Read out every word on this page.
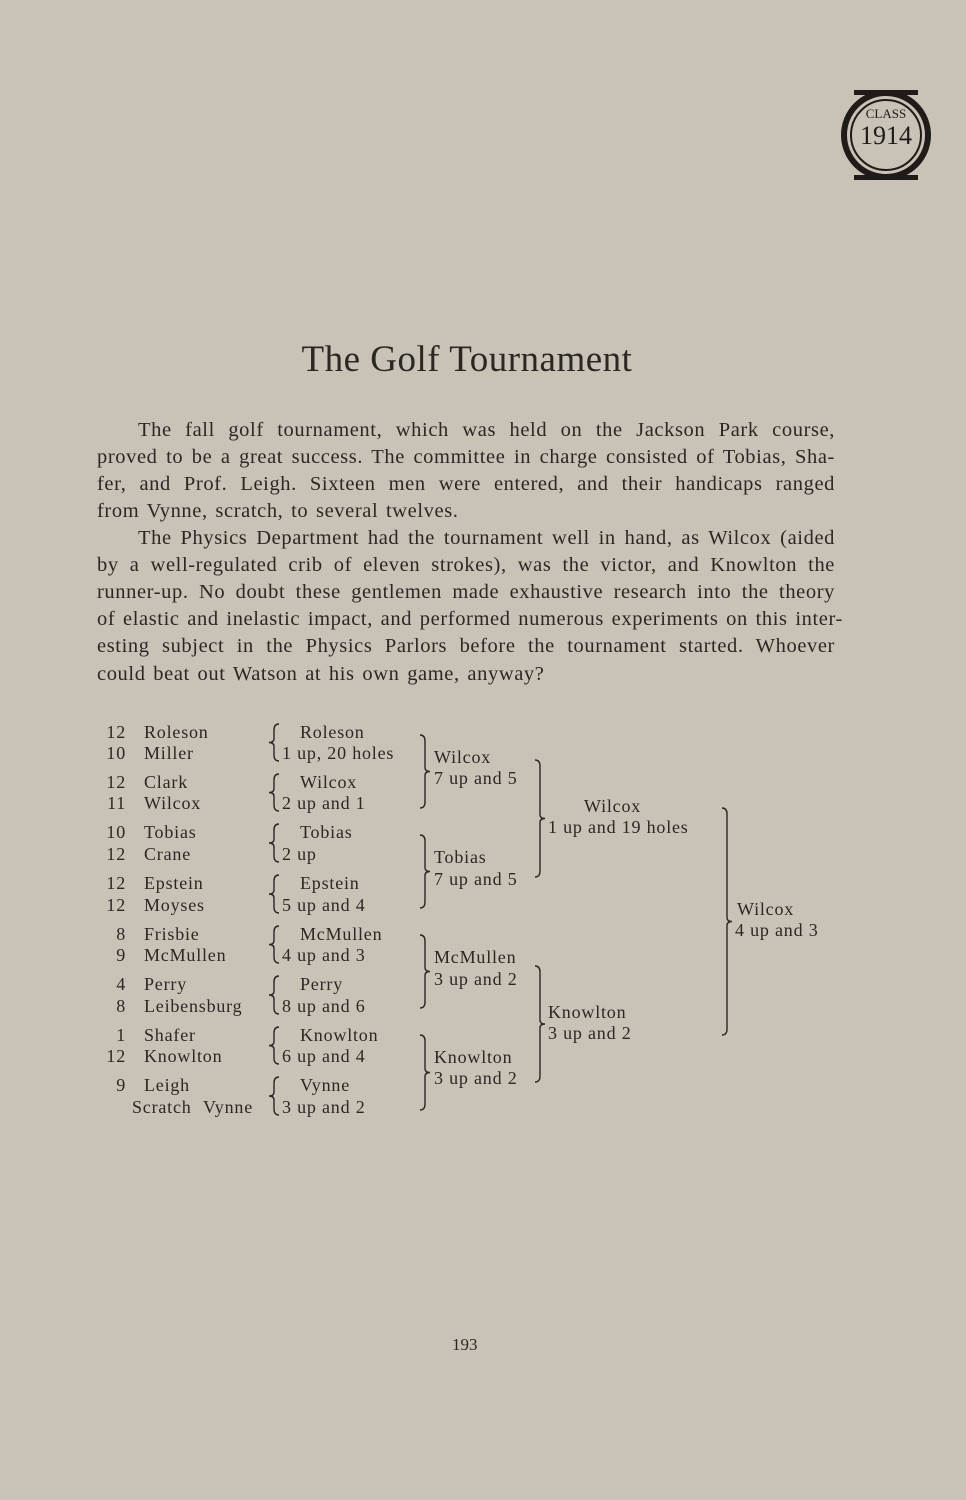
1914
CLASS
The Golf Tournament
The fall golf tournament, which was held on the Jackson Park course,
proved to be a great success. The committee in charge consisted of Tobias, Sha-
fer, and Prof. Leigh. Sixteen men were entered, and their handicaps ranged
from Vynne, scratch, to several twelves.
The Physics Department had the tournament well in hand, as Wilcox (aided
by a well-regulated crib of eleven strokes), was the victor, and Knowlton the
runner-up. No doubt these gentlemen made exhaustive research into the theory
of elastic and inelastic impact, and performed numerous experiments on this inter-
esting subject in the Physics Parlors before the tournament started. Whoever
could beat out Watson at his own game, anyway?
12 Roleson
10 Miller
12 Clark
11 Wilcox
10 Tobias
12 Crane
12 Epstein
12 Moyses
8 Frisbie
9 McMullen
4 Perry
8 Leibensburg
1 Shafer
12 Knowlton
9 Leigh
Scratch Vynne
Roleson
1 up, 20 holes
Wilcox
2 up and 1
Tobias
2 up
Epstein
5 up and 4
McMullen
4 up and 3
Perry
8 up and 6
Knowlton
6 up and 4
Vynne
3 up and 2
Wilcox
7 up and 5
Tobias
7 up and 5
McMullen
3 up and 2
Knowlton
3 up and 2
Wilcox
1 up and 19 holes
Knowlton
3 up and 2
Wilcox
4 up and 3
193
